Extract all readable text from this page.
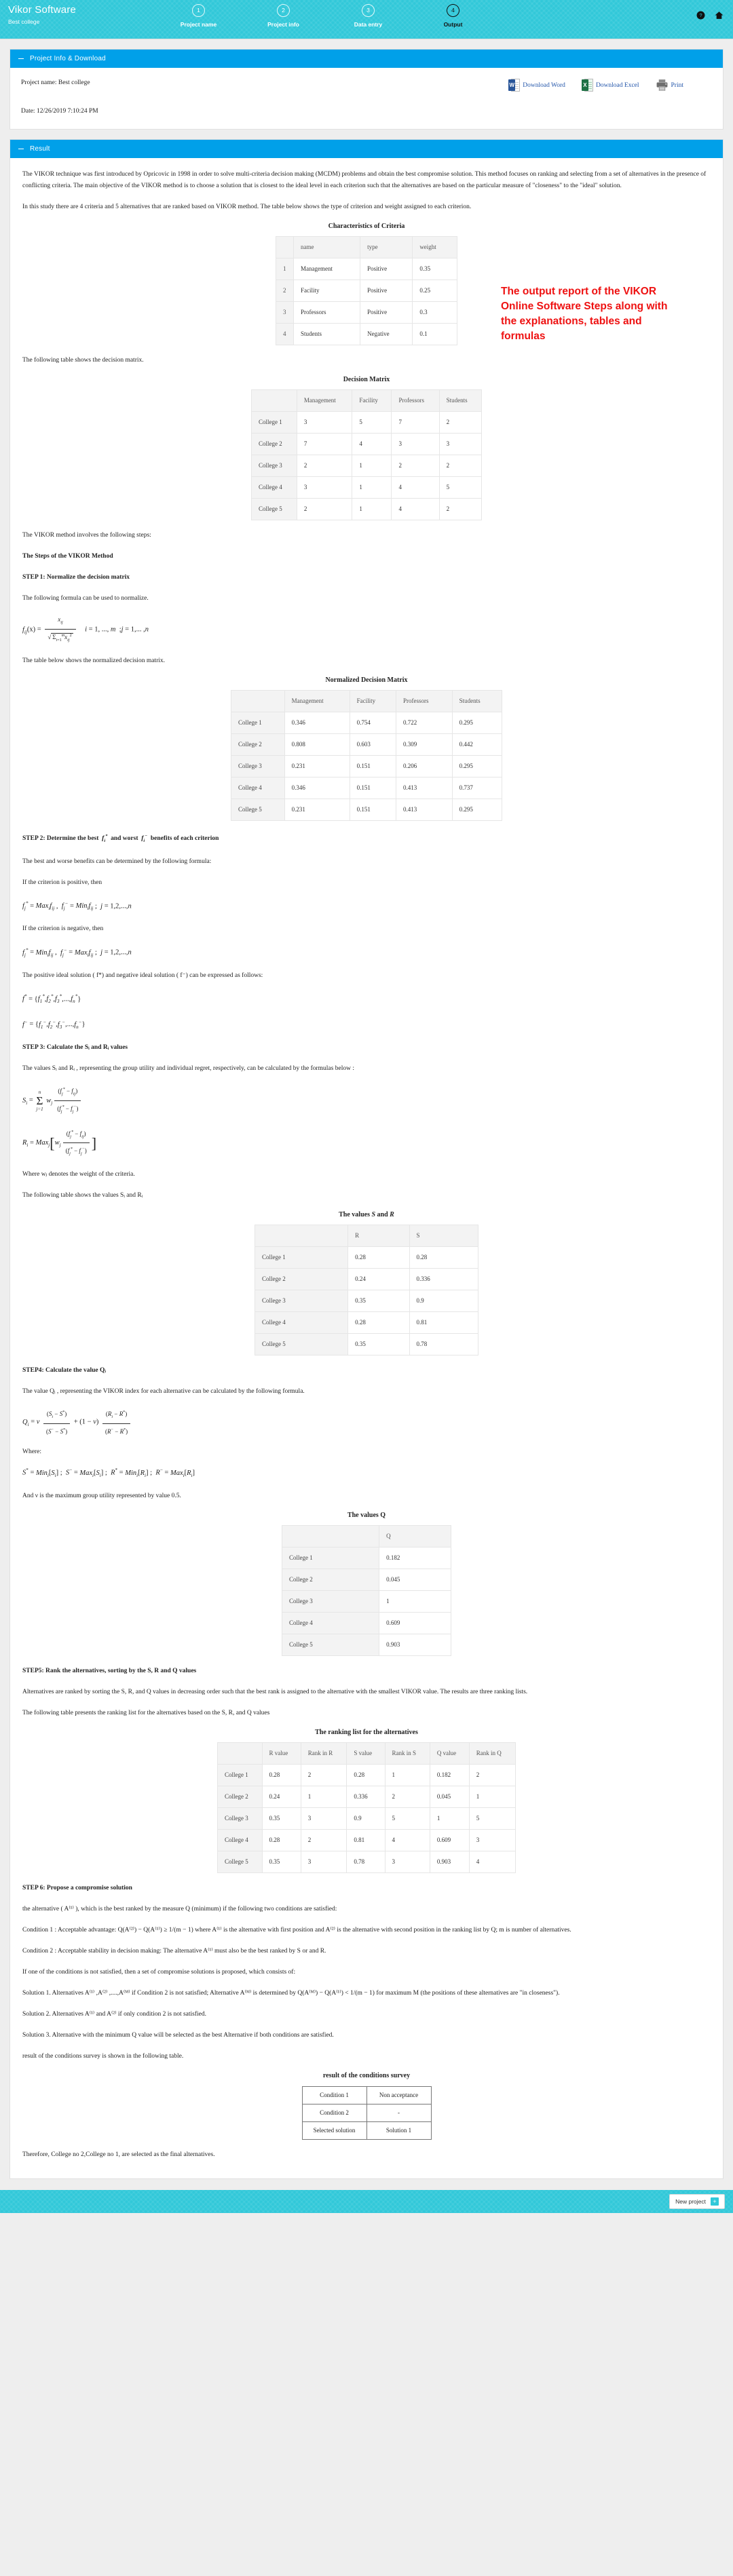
Vikor Software
Best college
1
Project name
2
Project info
3
Data entry
4
Output
?
Project Info & Download
Project name: Best college
Date: 12/26/2019 7:10:24 PM
W Download Word	X Download Excel	Print
Result
The output report of the VIKOR Online Software Steps along with the explanations, tables and formulas

The VIKOR technique was first introduced by Opricovic in 1998 in order to solve multi-criteria decision making (MCDM) problems and obtain the best compromise solution. This method focuses on ranking and selecting from a set of alternatives in the presence of conflicting criteria. The main objective of the VIKOR method is to choose a solution that is closest to the ideal level in each criterion such that the alternatives are based on the particular measure of "closeness" to the "ideal" solution.

In this study there are 4 criteria and 5 alternatives that are ranked based on VIKOR method. The table below shows the type of criterion and weight assigned to each criterion.

Characteristics of Criteria
	name	type	weight
1	Management	Positive	0.35
2	Facility	Positive	0.25
3	Professors	Positive	0.3
4	Students	Negative	0.1

The following table shows the decision matrix.

Decision Matrix
	Management	Facility	Professors	Students
College 1	3	5	7	2
College 2	7	4	3	3
College 3	2	1	2	2
College 4	3	1	4	5
College 5	2	1	4	2

The VIKOR method involves the following steps:

The Steps of the VIKOR Method

STEP 1: Normalize the decision matrix

The following formula can be used to normalize.

$f_{ij}(x) = \frac{x_{ij}}{√ \Sigma_{i=1}^mx_{ij}^2}$ i = 1, ..., m  ;j = 1,... ,n

The table below shows the normalized decision matrix.

Normalized Decision Matrix
	Management	Facility	Professors	Students
College 1	0.346	0.754	0.722	0.295
College 2	0.808	0.603	0.309	0.442
College 3	0.231	0.151	0.206	0.295
College 4	0.346	0.151	0.413	0.737
College 5	0.231	0.151	0.413	0.295

STEP 2: Determine the best  $f_i^*$ and worst  $f_i^-$ benefits of each criterion

The best and worse benefits can be determined by the following formula:

If the criterion is positive, then

$f_j^* = Max_if_{ij}$ ,  $f_j^- = Min_if_{ij}$ ;  j = 1,2,...,n

If the criterion is negative, then

$f_j^* = Min_if_{ij}$ ,  $f_j^- = Max_if_{ij}$ ;  j = 1,2,...,n

The positive ideal solution ( f*) and negative ideal solution ( f⁻) can be expressed as follows:

$f^* = \{f_1^*,f_2^*,f_3^*,...,f_n^*\}$
$f^- = \{f_1^-,f_2^-,f_3^-,...,f_n^-\}$

STEP 3: Calculate the Sᵢ and Rᵢ values

The values Sᵢ and Rᵢ , representing the group utility and individual regret, respectively, can be calculated by the formulas below :

$S_i$ =
n
Σ
j=1
$w_j \frac{(f_j^* - f_{ij})}{(f_j^* - f_j^-)}$
$R_i = Max_j[w_j \frac{(f_j^* - f_{ij})}{(f_j^* - f_j^-)}$ ]

Where wⱼ denotes the weight of the criteria.

The following table shows the values Sᵢ and Rᵢ

The values S and R
	R	S
College 1	0.28	0.28
College 2	0.24	0.336
College 3	0.35	0.9
College 4	0.28	0.81
College 5	0.35	0.78

STEP4: Calculate the value Qᵢ

The value Qᵢ , representing the VIKOR index for each alternative can be calculated by the following formula.

$Q_i = v \frac{(S_i - S^*)}{(S^- - S^*)} + (1 - v) \frac{(R_i - R^*)}{(R^- - R^*)}$

Where:

$S^* = Min_i[S_i]$ ;  $S^- = Max_i[S_i]$ ;  $R^* = Min_i[R_i]$ ;  $R^- = Max_i[R_i]$

And ν is the maximum group utility represented by value 0.5.

The values Q
	Q
College 1	0.182
College 2	0.045
College 3	1
College 4	0.609
College 5	0.903

STEP5: Rank the alternatives, sorting by the S, R and Q values

Alternatives are ranked by sorting the S, R, and Q values in decreasing order such that the best rank is assigned to the alternative with the smallest VIKOR value. The results are three ranking lists.

The following table presents the ranking list for the alternatives based on the S, R, and Q values

The ranking list for the alternatives
	R value	Rank in R	S value	Rank in S	Q value	Rank in Q
College 1	0.28	2	0.28	1	0.182	2
College 2	0.24	1	0.336	2	0.045	1
College 3	0.35	3	0.9	5	1	5
College 4	0.28	2	0.81	4	0.609	3
College 5	0.35	3	0.78	3	0.903	4

STEP 6: Propose a compromise solution

the alternative ( A⁽¹⁾ ), which is the best ranked by the measure Q (minimum) if the following two conditions are satisfied:

Condition 1 : Acceptable advantage: Q(A⁽²⁾) − Q(A⁽¹⁾) ≥ 1/(m − 1) where A⁽¹⁾ is the alternative with first position and A⁽²⁾ is the alternative with second position in the ranking list by Q; m is number of alternatives.

Condition 2 : Acceptable stability in decision making: The alternative A⁽¹⁾ must also be the best ranked by S or and R.

If one of the conditions is not satisfied, then a set of compromise solutions is proposed, which consists of:

Solution 1. Alternatives A⁽¹⁾ ,A⁽²⁾ ,....,A⁽ᴹ⁾ if Condition 2 is not satisfied; Alternative A⁽ᴹ⁾ is determined by Q(A⁽ᴹ⁾) − Q(A⁽¹⁾) < 1/(m − 1) for maximum M (the positions of these alternatives are "in closeness").

Solution 2. Alternatives A⁽¹⁾ and A⁽²⁾ if only condition 2 is not satisfied.

Solution 3. Alternative with the minimum Q value will be selected as the best Alternative if both conditions are satisfied.

result of the conditions survey is shown in the following table.

result of the conditions survey
Condition 1	Non acceptance
Condition 2	-
Selected solution	Solution 1

Therefore, College no 2,College no 1, are selected as the final alternatives.

New project	+
